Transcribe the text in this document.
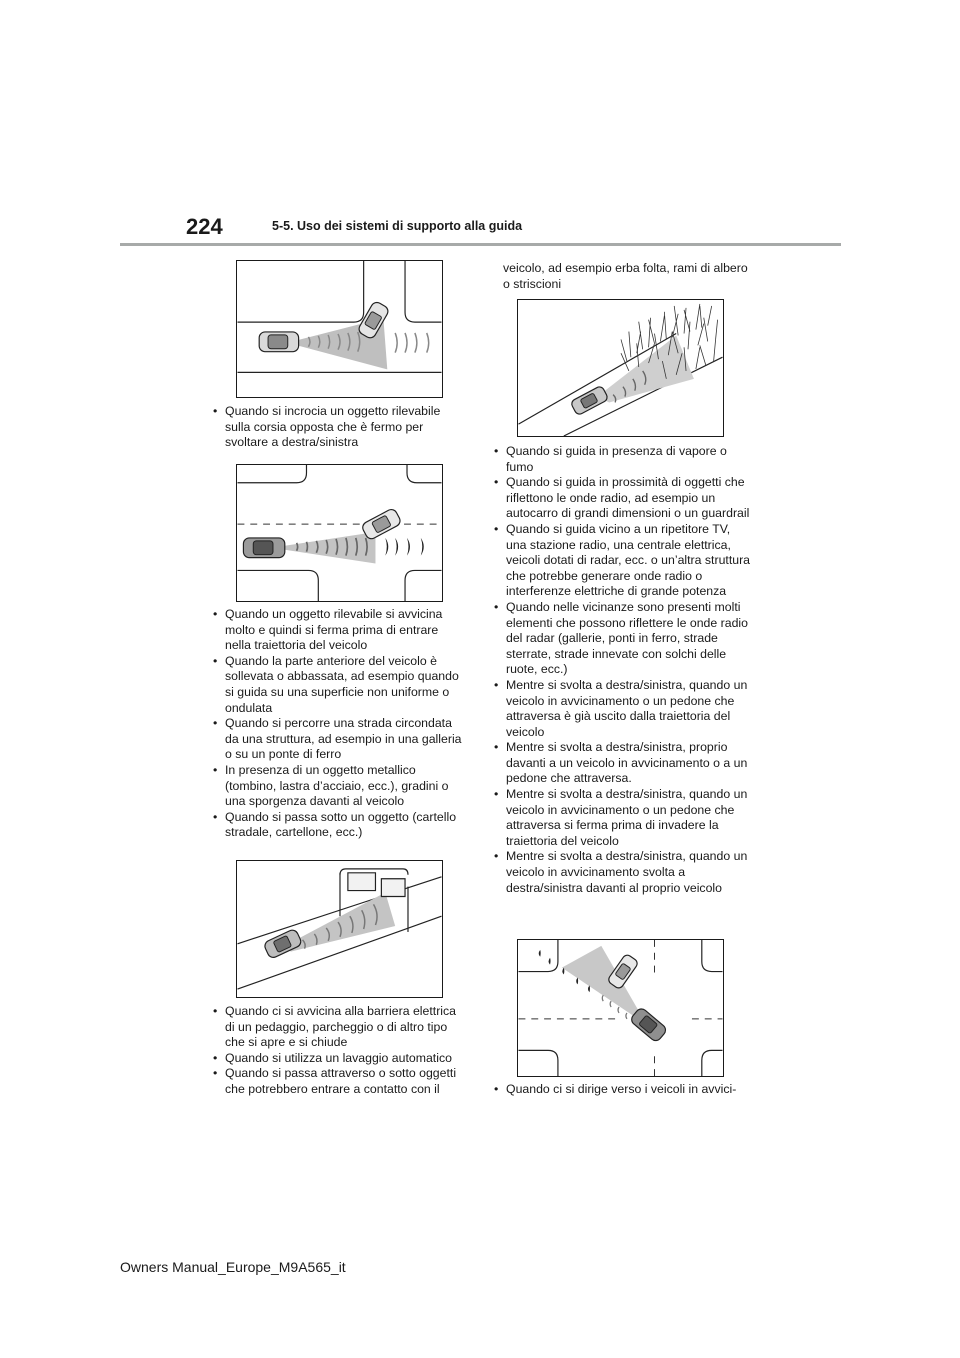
224	5-5. Uso dei sistemi di supporto alla guida
• Quando si incrocia un oggetto rilevabile sulla corsia opposta che è fermo per svoltare a destra/sinistra
• Quando un oggetto rilevabile si avvicina molto e quindi si ferma prima di entrare nella traiettoria del veicolo
• Quando la parte anteriore del veicolo è sollevata o abbassata, ad esempio quando si guida su una superficie non uniforme o ondulata
• Quando si percorre una strada circondata da una struttura, ad esempio in una galleria o su un ponte di ferro
• In presenza di un oggetto metallico (tombino, lastra d’acciaio, ecc.), gradini o una sporgenza davanti al veicolo
• Quando si passa sotto un oggetto (cartello stradale, cartellone, ecc.)
• Quando ci si avvicina alla barriera elettrica di un pedaggio, parcheggio o di altro tipo che si apre e si chiude
• Quando si utilizza un lavaggio automatico
• Quando si passa attraverso o sotto oggetti che potrebbero entrare a contatto con il

veicolo, ad esempio erba folta, rami di albero o striscioni

• Quando si guida in presenza di vapore o fumo
• Quando si guida in prossimità di oggetti che riflettono le onde radio, ad esempio un autocarro di grandi dimensioni o un guardrail
• Quando si guida vicino a un ripetitore TV, una stazione radio, una centrale elettrica, veicoli dotati di radar, ecc. o un’altra struttura che potrebbe generare onde radio o interferenze elettriche di grande potenza
• Quando nelle vicinanze sono presenti molti elementi che possono riflettere le onde radio del radar (gallerie, ponti in ferro, strade sterrate, strade innevate con solchi delle ruote, ecc.)
• Mentre si svolta a destra/sinistra, quando un veicolo in avvicinamento o un pedone che attraversa è già uscito dalla traiettoria del veicolo
• Mentre si svolta a destra/sinistra, proprio davanti a un veicolo in avvicinamento o a un pedone che attraversa.
• Mentre si svolta a destra/sinistra, quando un veicolo in avvicinamento o un pedone che attraversa si ferma prima di invadere la traiettoria del veicolo
• Mentre si svolta a destra/sinistra, quando un veicolo in avvicinamento svolta a destra/sinistra davanti al proprio veicolo
• Quando ci si dirige verso i veicoli in avvici-
Owners Manual_Europe_M9A565_it
